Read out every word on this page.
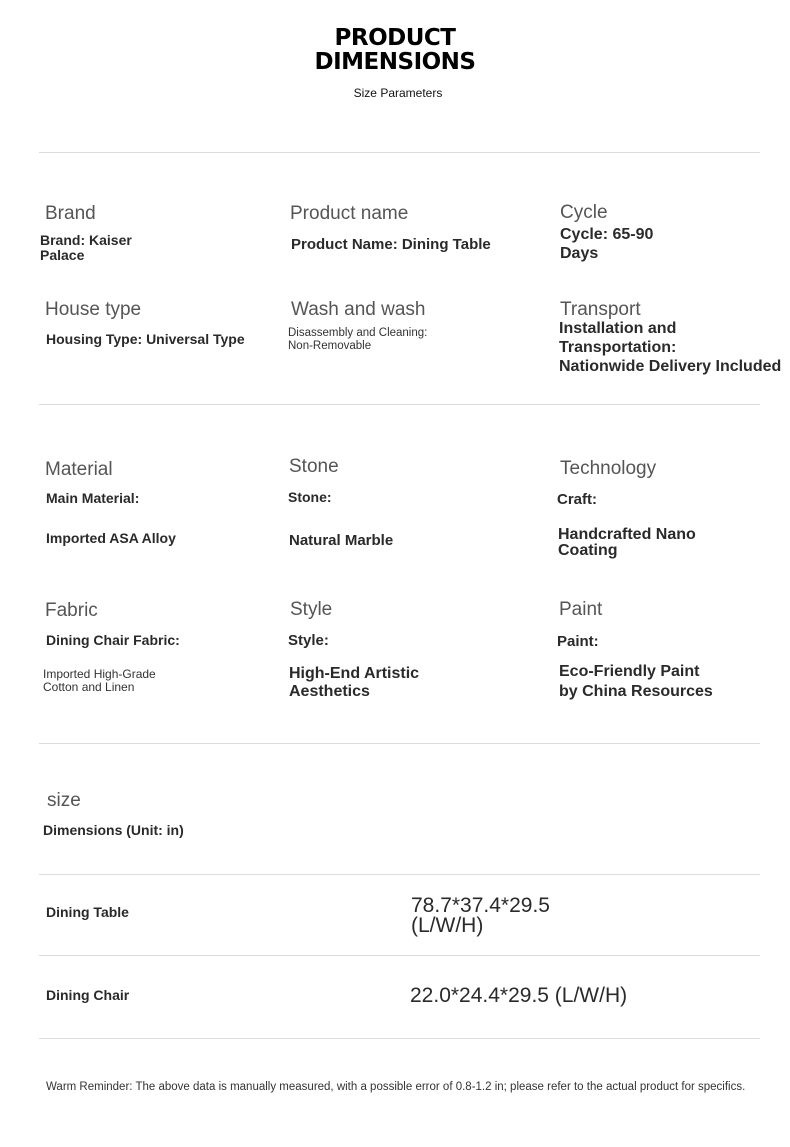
PRODUCT
DIMENSIONS
Size Parameters
Brand
Brand: Kaiser
Palace
Product name
Product Name: Dining Table
Cycle
Cycle: 65-90
Days
House type
Housing Type: Universal Type
Wash and wash
Disassembly and Cleaning:
Non-Removable
Transport
Installation and Transportation:
Nationwide Delivery Included
Material
Main Material:
Imported ASA Alloy
Stone
Stone:
Natural Marble
Technology
Craft:
Handcrafted Nano
Coating
Fabric
Dining Chair Fabric:
Imported High-Grade
Cotton and Linen
Style
Style:
High-End Artistic
Aesthetics
Paint
Paint:
Eco-Friendly Paint
by China Resources
size
Dimensions (Unit: in)
Dining Table	78.7*37.4*29.5
(L/W/H)
Dining Chair	22.0*24.4*29.5 (L/W/H)
Warm Reminder: The above data is manually measured, with a possible error of 0.8-1.2 in; please refer to the actual product for specifics.
